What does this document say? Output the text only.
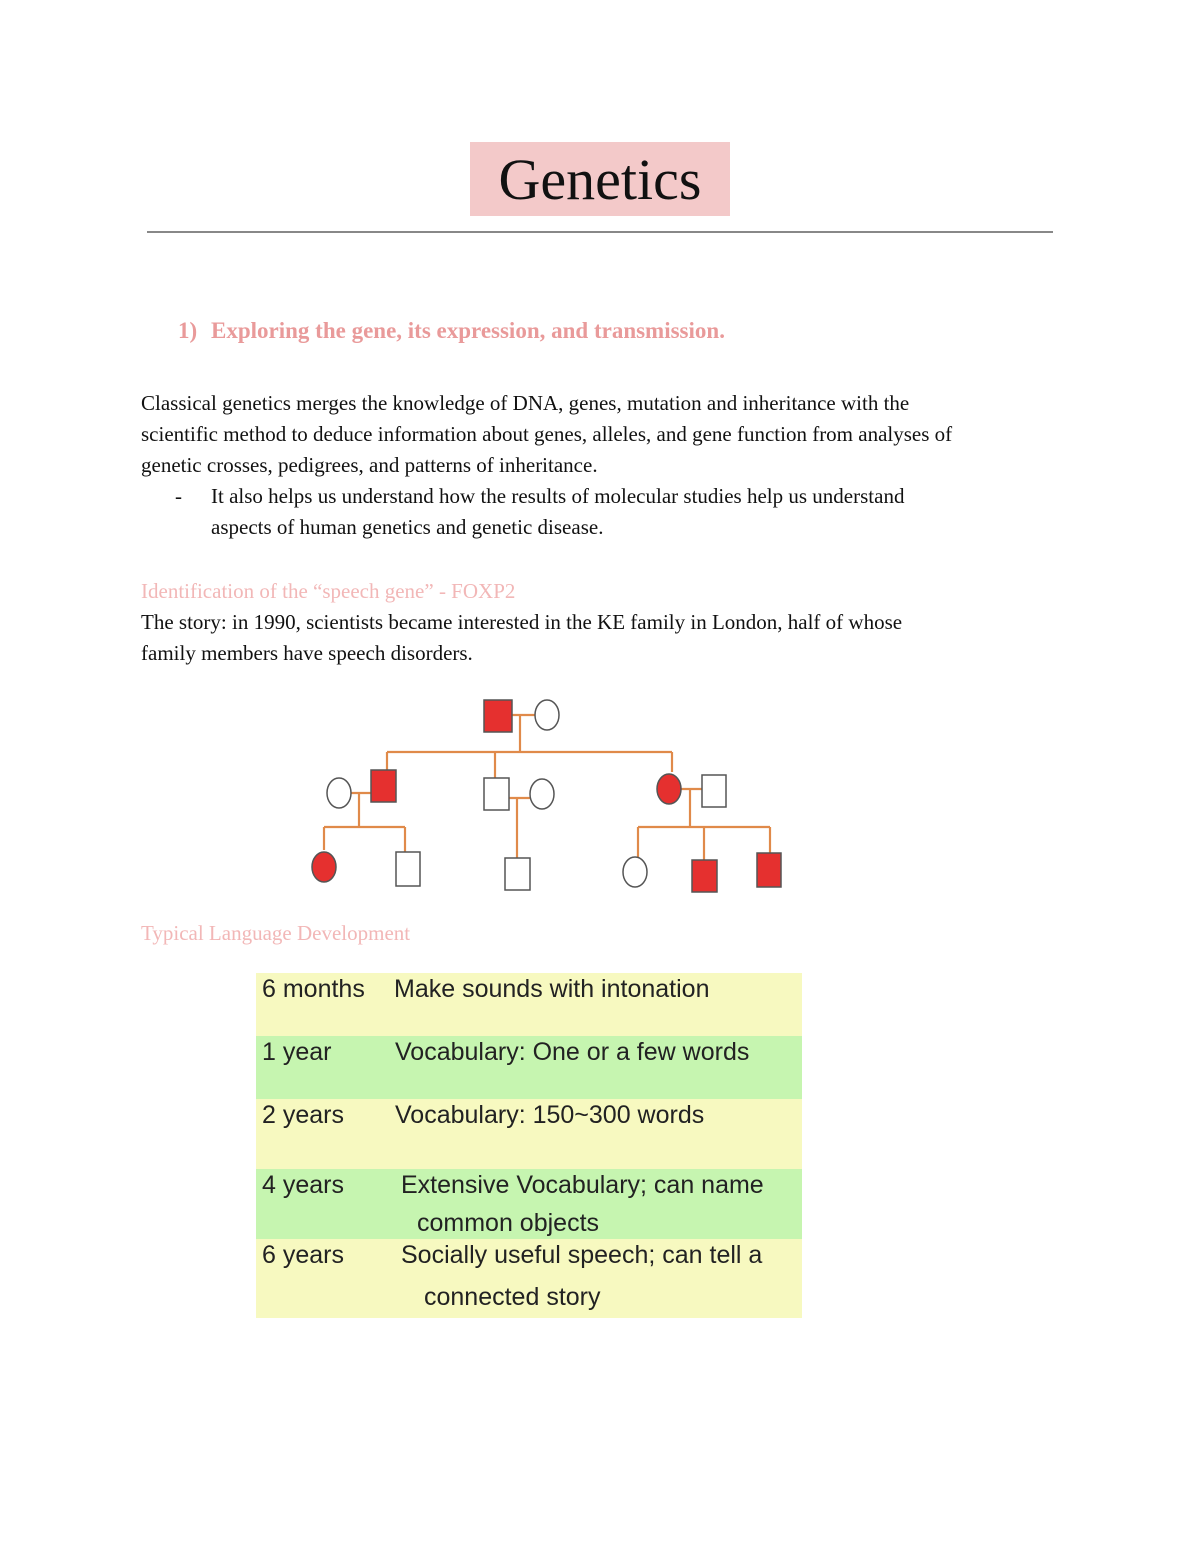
Genetics
1) Exploring the gene, its expression, and transmission.
Classical genetics merges the knowledge of DNA, genes, mutation and inheritance with the
scientific method to deduce information about genes, alleles, and gene function from analyses of
genetic crosses, pedigrees, and patterns of inheritance.
- It also helps us understand how the results of molecular studies help us understand
aspects of human genetics and genetic disease.
Identification of the “speech gene” - FOXP2
The story: in 1990, scientists became interested in the KE family in London, half of whose
family members have speech disorders.
Typical Language Development
6 months Make sounds with intonation
1 year	Vocabulary: One or a few words
2 years Vocabulary: 150~300 words
4 years Extensive Vocabulary; can name
common objects
6 years Socially useful speech; can tell a
connected story
